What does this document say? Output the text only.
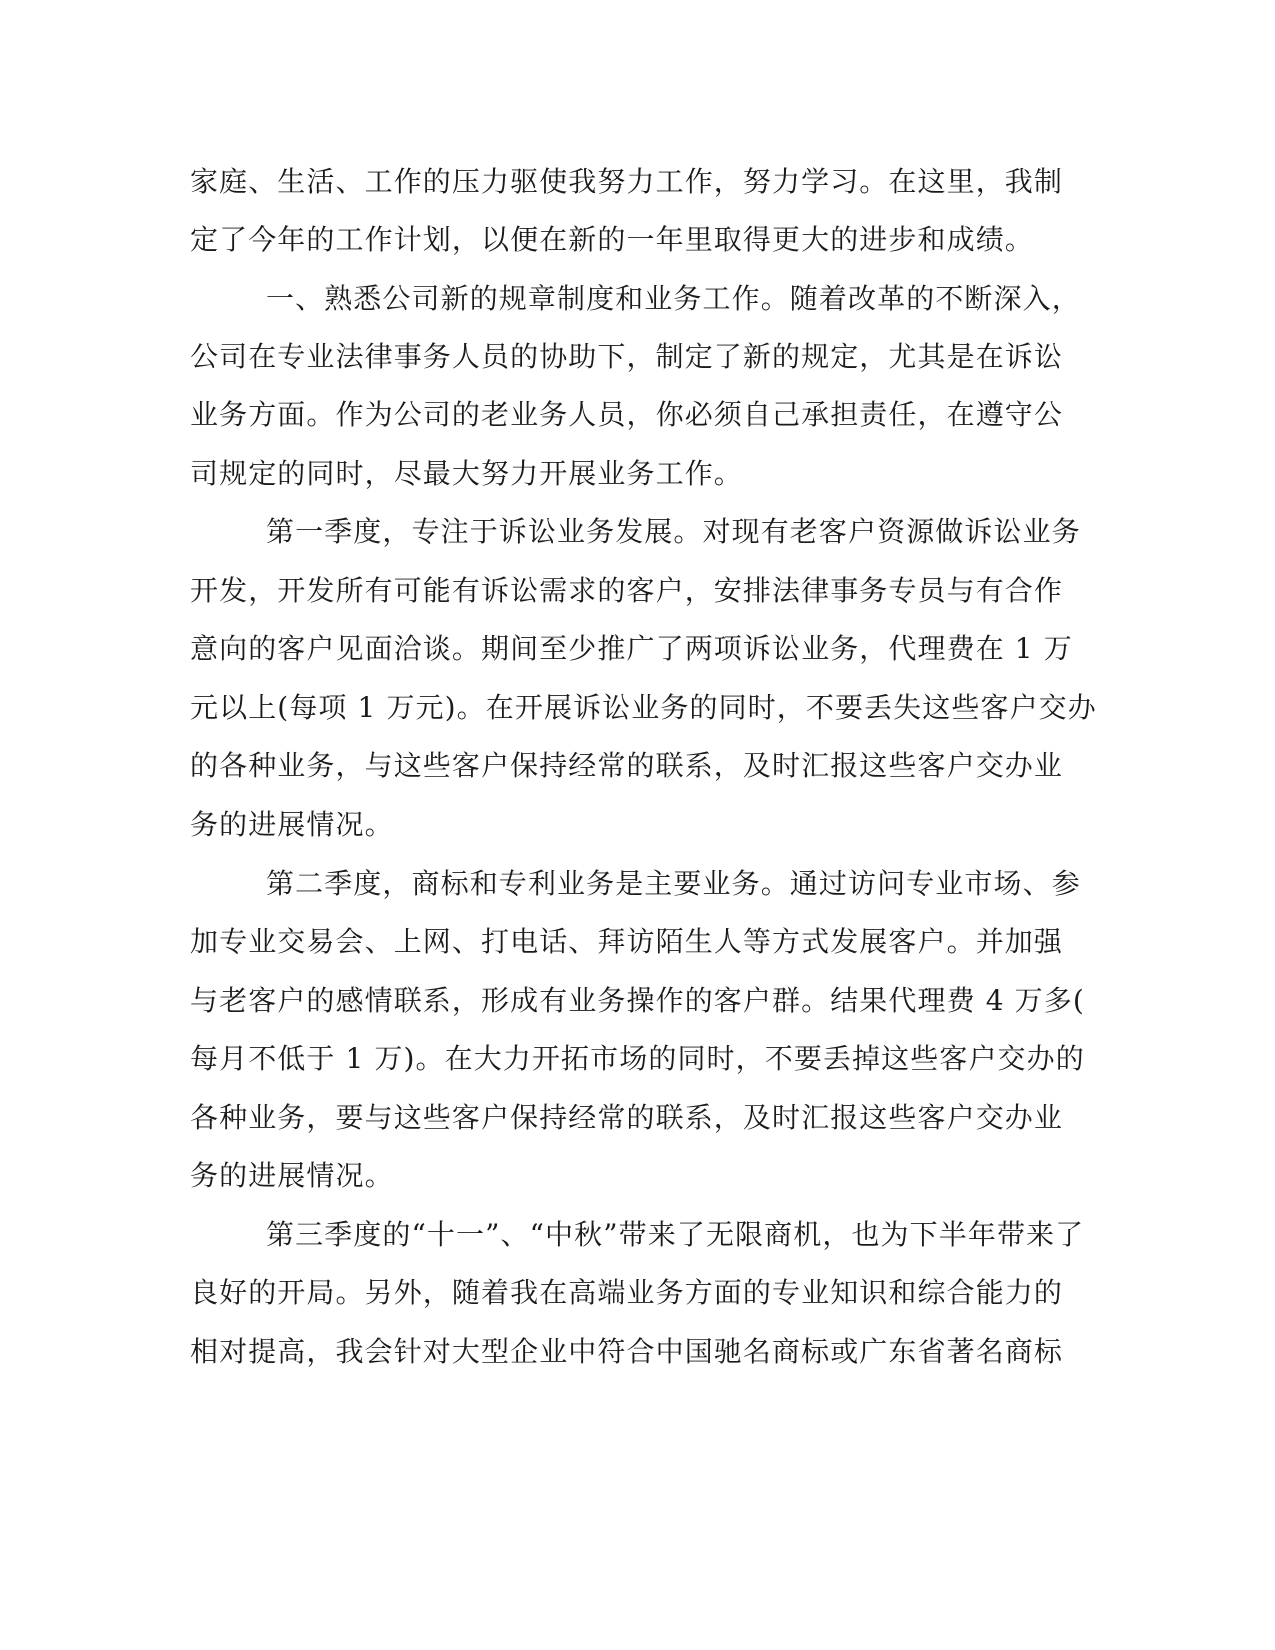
家庭、生活、工作的压力驱使我努力工作，努力学习。在这里，我制
定了今年的工作计划，以便在新的一年里取得更大的进步和成绩。
一、熟悉公司新的规章制度和业务工作。随着改革的不断深入，
公司在专业法律事务人员的协助下，制定了新的规定，尤其是在诉讼
业务方面。作为公司的老业务人员，你必须自己承担责任，在遵守公
司规定的同时，尽最大努力开展业务工作。
第一季度，专注于诉讼业务发展。对现有老客户资源做诉讼业务
开发，开发所有可能有诉讼需求的客户，安排法律事务专员与有合作
意向的客户见面洽谈。期间至少推广了两项诉讼业务，代理费在 1 万
元以上(每项 1 万元)。在开展诉讼业务的同时，不要丢失这些客户交办
的各种业务，与这些客户保持经常的联系，及时汇报这些客户交办业
务的进展情况。
第二季度，商标和专利业务是主要业务。通过访问专业市场、参
加专业交易会、上网、打电话、拜访陌生人等方式发展客户。并加强
与老客户的感情联系，形成有业务操作的客户群。结果代理费 4 万多(
每月不低于 1 万)。在大力开拓市场的同时，不要丢掉这些客户交办的
各种业务，要与这些客户保持经常的联系，及时汇报这些客户交办业
务的进展情况。
第三季度的“十一”、“中秋”带来了无限商机，也为下半年带来了
良好的开局。另外，随着我在高端业务方面的专业知识和综合能力的
相对提高，我会针对大型企业中符合中国驰名商标或广东省著名商标
